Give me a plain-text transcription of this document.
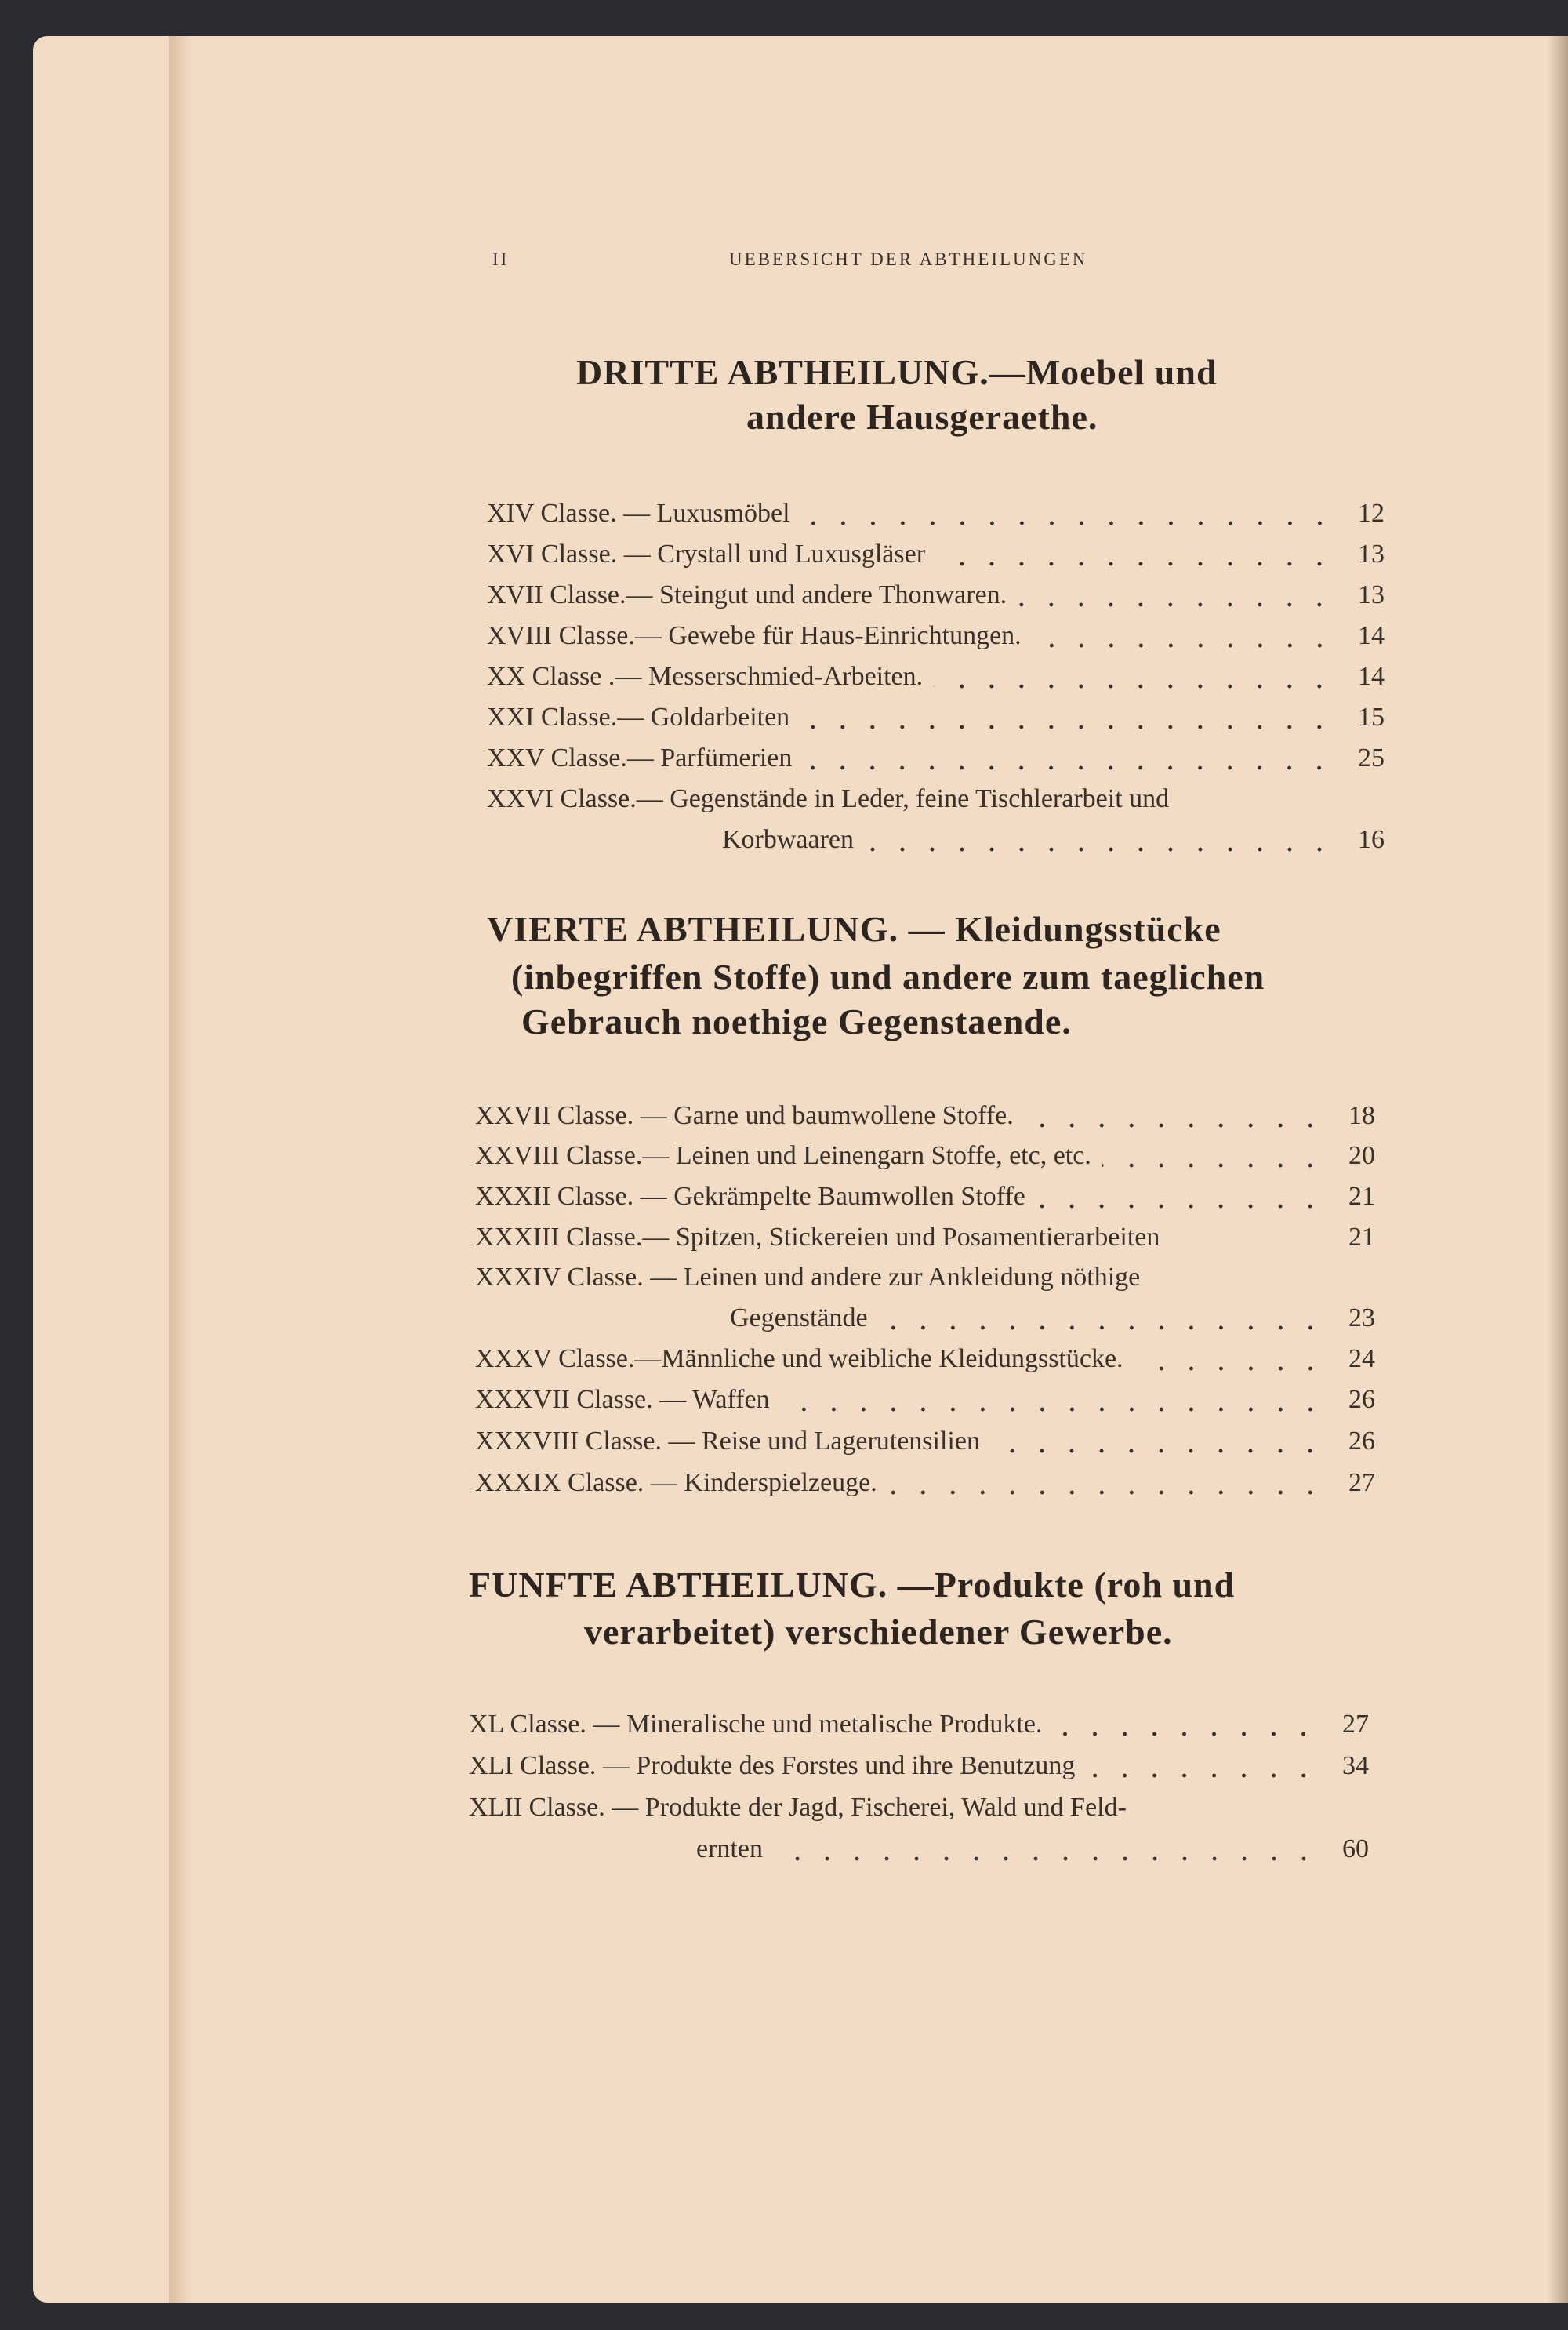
II	UEBERSICHT DER ABTHEILUNGEN
DRITTE ABTHEILUNG.—Moebel und
andere Hausgeraethe.
XIV Classe. — Luxusmöbel	12
XVI Classe. — Crystall und Luxusgläser	13
XVII Classe.— Steingut und andere Thonwaren.	13
XVIII Classe.— Gewebe für Haus-Einrichtungen.	14
XX Classe .— Messerschmied-Arbeiten.	14
XXI Classe.— Goldarbeiten	15
XXV Classe.— Parfümerien	25
XXVI Classe.— Gegenstände in Leder, feine Tischlerarbeit und
Korbwaaren	16
VIERTE ABTHEILUNG. — Kleidungsstücke
(inbegriffen Stoffe) und andere zum taeglichen
Gebrauch noethige Gegenstaende.
XXVII Classe. — Garne und baumwollene Stoffe.	18
XXVIII Classe.— Leinen und Leinengarn Stoffe, etc, etc.	20
XXXII Classe. — Gekrämpelte Baumwollen Stoffe	21
XXXIII Classe.— Spitzen, Stickereien und Posamentierarbeiten	21
XXXIV Classe. — Leinen und andere zur Ankleidung nöthige
Gegenstände	23
XXXV Classe.—Männliche und weibliche Kleidungsstücke.	24
XXXVII Classe. — Waffen	26
XXXVIII Classe. — Reise und Lagerutensilien	26
XXXIX Classe. — Kinderspielzeuge.	27
FUNFTE ABTHEILUNG. —Produkte (roh und
verarbeitet) verschiedener Gewerbe.
XL Classe. — Mineralische und metalische Produkte.	27
XLI Classe. — Produkte des Forstes und ihre Benutzung	34
XLII Classe. — Produkte der Jagd, Fischerei, Wald und Feld-
ernten	60
